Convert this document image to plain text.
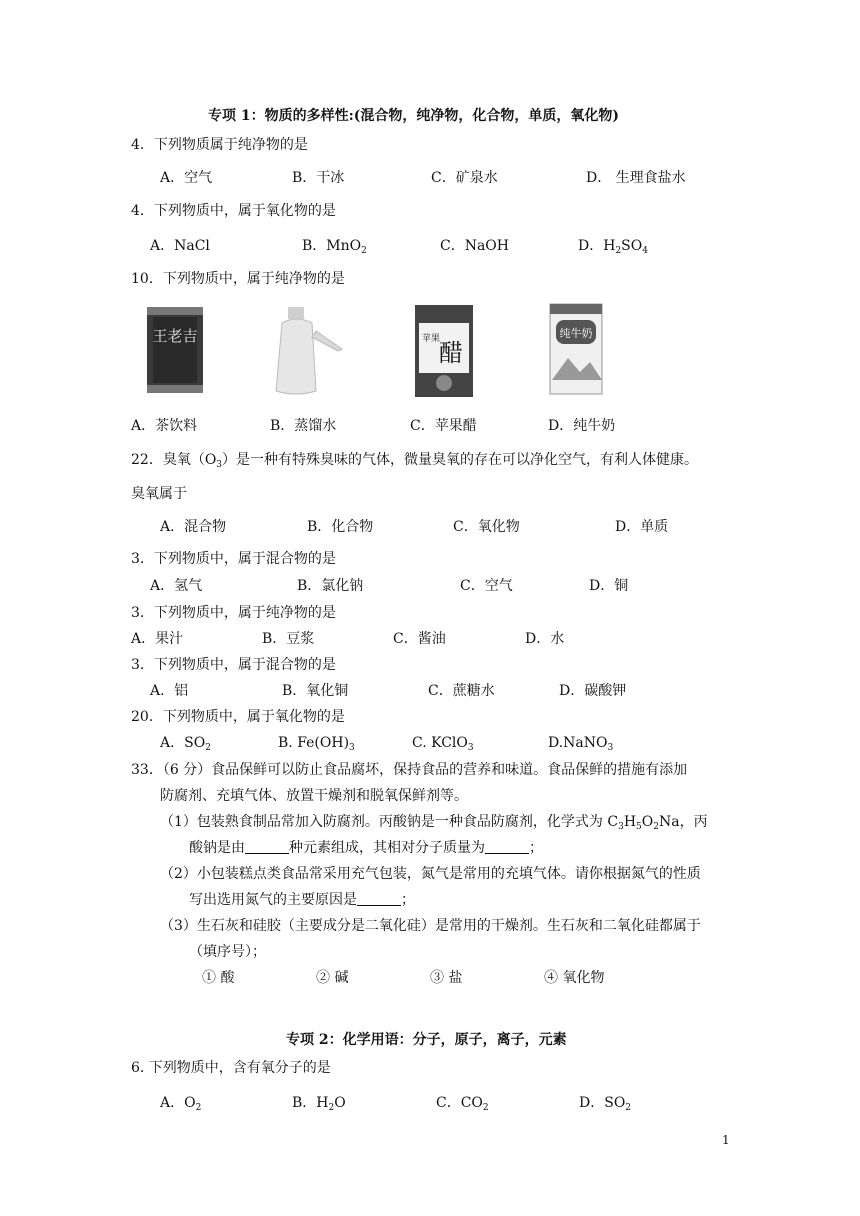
专项 1：物质的多样性:(混合物，纯净物，化合物，单质，氧化物)
4．下列物质属于纯净物的是
A．空气	B．干冰	C．矿泉水	D． 生理食盐水
4．下列物质中，属于氧化物的是
A．NaCl	B．MnO$_2$	C．NaOH	D．$H_2SO_4$
10．下列物质中，属于纯净物的是
王老吉	苹果
醋
纯牛奶
A．茶饮料	B．蒸馏水	C．苹果醋	D．纯牛奶
22．臭氧$(O_3)$是一种有特殊臭味的气体，微量臭氧的存在可以净化空气，有利人体健康。
臭氧属于
A．混合物	B．化合物	C．氧化物	D．单质
3．下列物质中，属于混合物的是
A．氢气	B．氯化钠	C．空气	D．铜
3．下列物质中，属于纯净物的是
A．果汁	B．豆浆	C．酱油	D．水
3．下列物质中，属于混合物的是
A．铝	B．氧化铜	C．蔗糖水	D．碳酸钾
20．下列物质中，属于氧化物的是
A．$SO_2$	B. $Fe(OH)_3$	C. KClO$_3$	D.NaNO$_3$
33．（6 分）食品保鲜可以防止食品腐坏，保持食品的营养和味道。食品保鲜的措施有添加
防腐剂、充填气体、放置干燥剂和脱氧保鲜剂等。
（1）包装熟食制品常加入防腐剂。丙酸钠是一种食品防腐剂，化学式为 $C_3H_5O_2Na$，丙
酸钠是由	种元素组成，其相对分子质量为	；
（2）小包装糕点类食品常采用充气包装，氮气是常用的充填气体。请你根据氮气的性质
写出选用氮气的主要原因是	；
（3）生石灰和硅胶（主要成分是二氧化硅）是常用的干燥剂。生石灰和二氧化硅都属于
（填序号）；
① 酸	② 碱	③ 盐	④ 氧化物
专项 2：化学用语：分子，原子，离子，元素
6. 下列物质中，含有氧分子的是
A．$O_2$	B．$H_2O$	C．$CO_2$	D．$SO_2$
1
